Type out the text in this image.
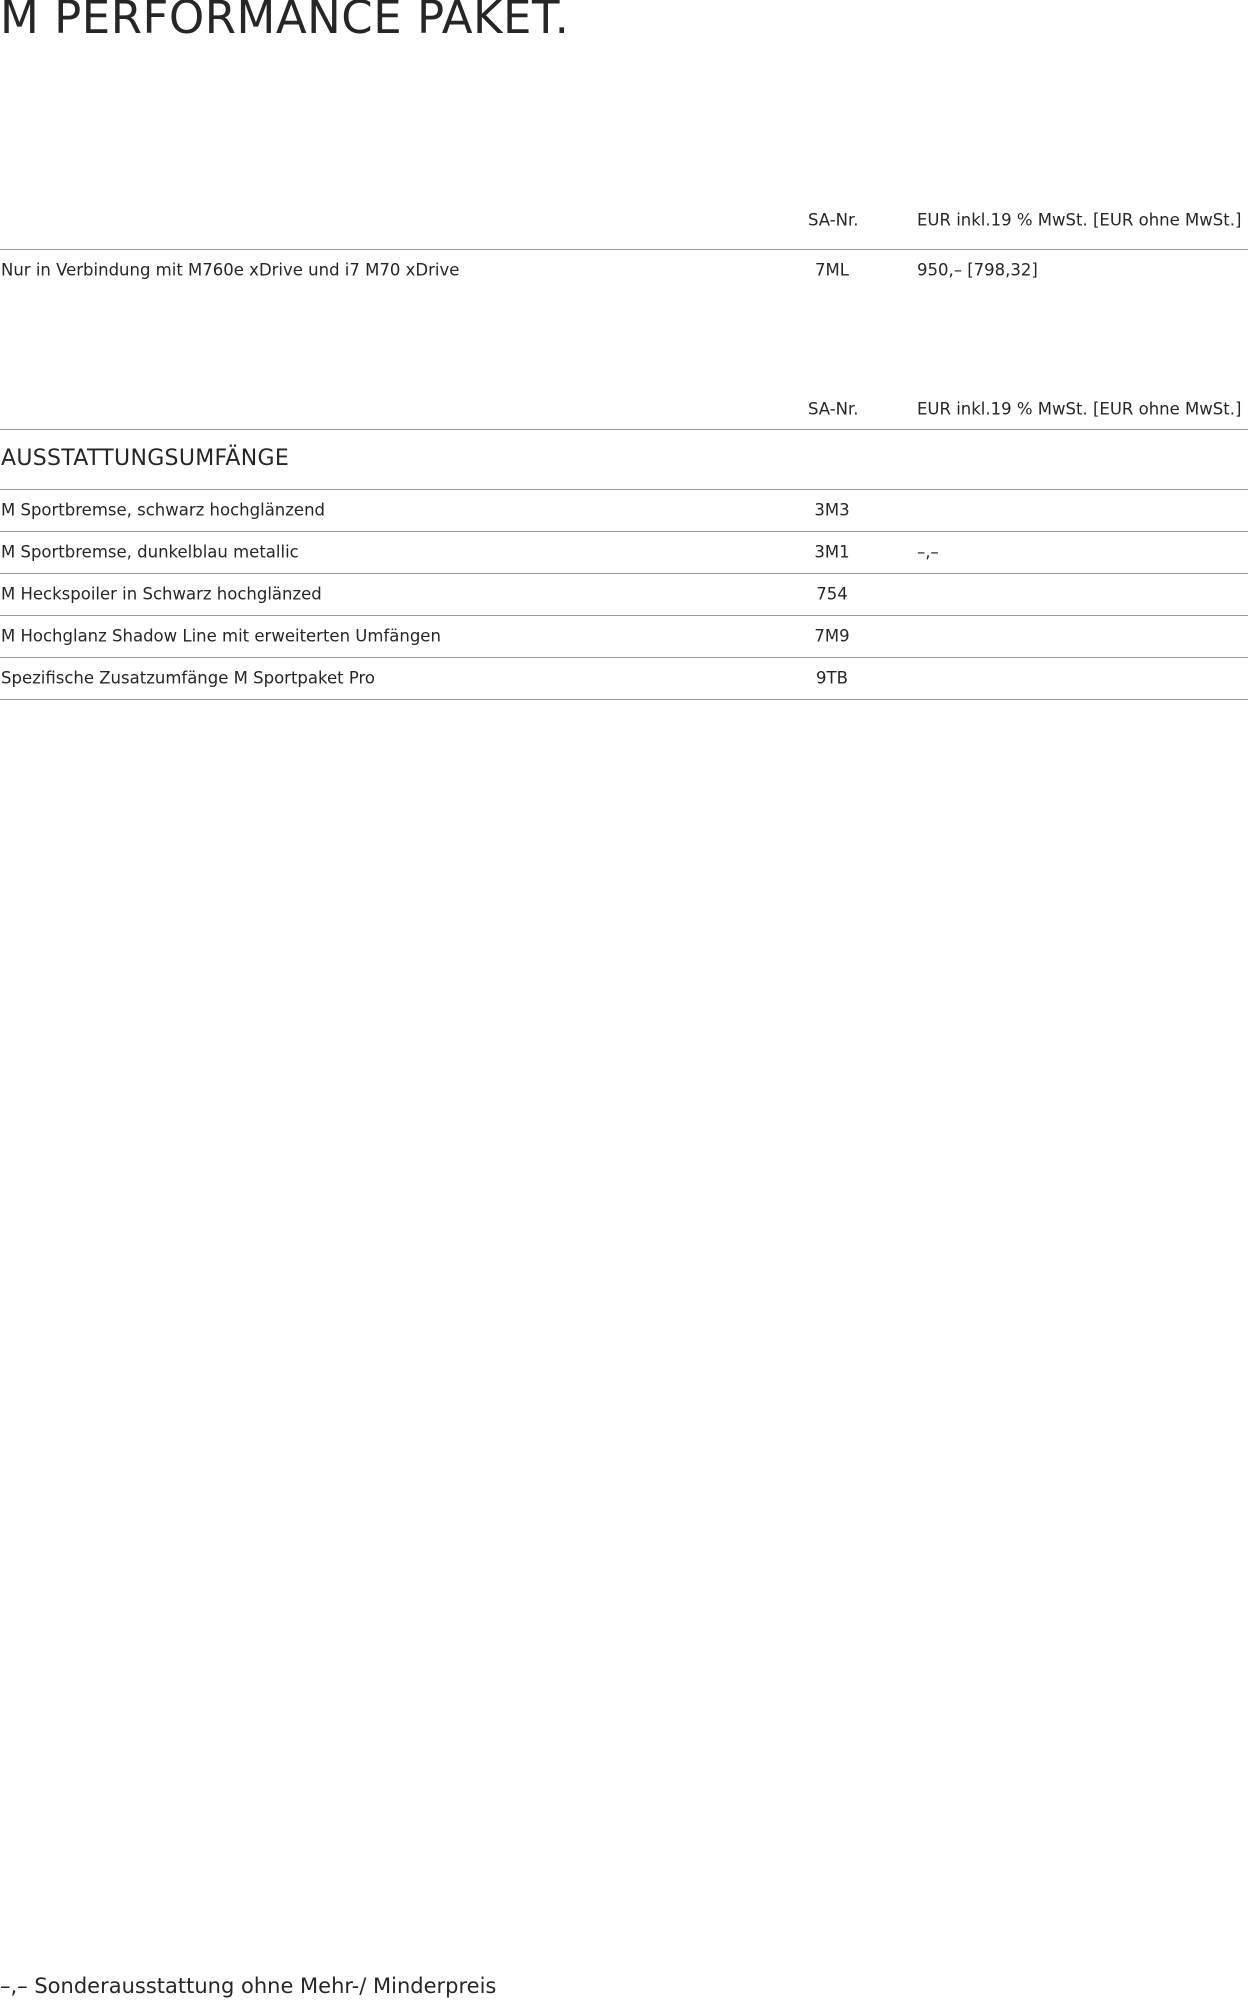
M PERFORMANCE PAKET.
SA-Nr.	EUR inkl.19 % MwSt. [EUR ohne MwSt.]
Nur in Verbindung mit M760e xDrive und i7 M70 xDrive	7ML	950,– [798,32]
SA-Nr.	EUR inkl.19 % MwSt. [EUR ohne MwSt.]
AUSSTATTUNGSUMFÄNGE
M Sportbremse, schwarz hochglänzend	3M3
M Sportbremse, dunkelblau metallic	3M1	–,–
M Heckspoiler in Schwarz hochglänzed	754
M Hochglanz Shadow Line mit erweiterten Umfängen	7M9
Spezifische Zusatzumfänge M Sportpaket Pro	9TB
–,– Sonderausstattung ohne Mehr-/ Minderpreis
